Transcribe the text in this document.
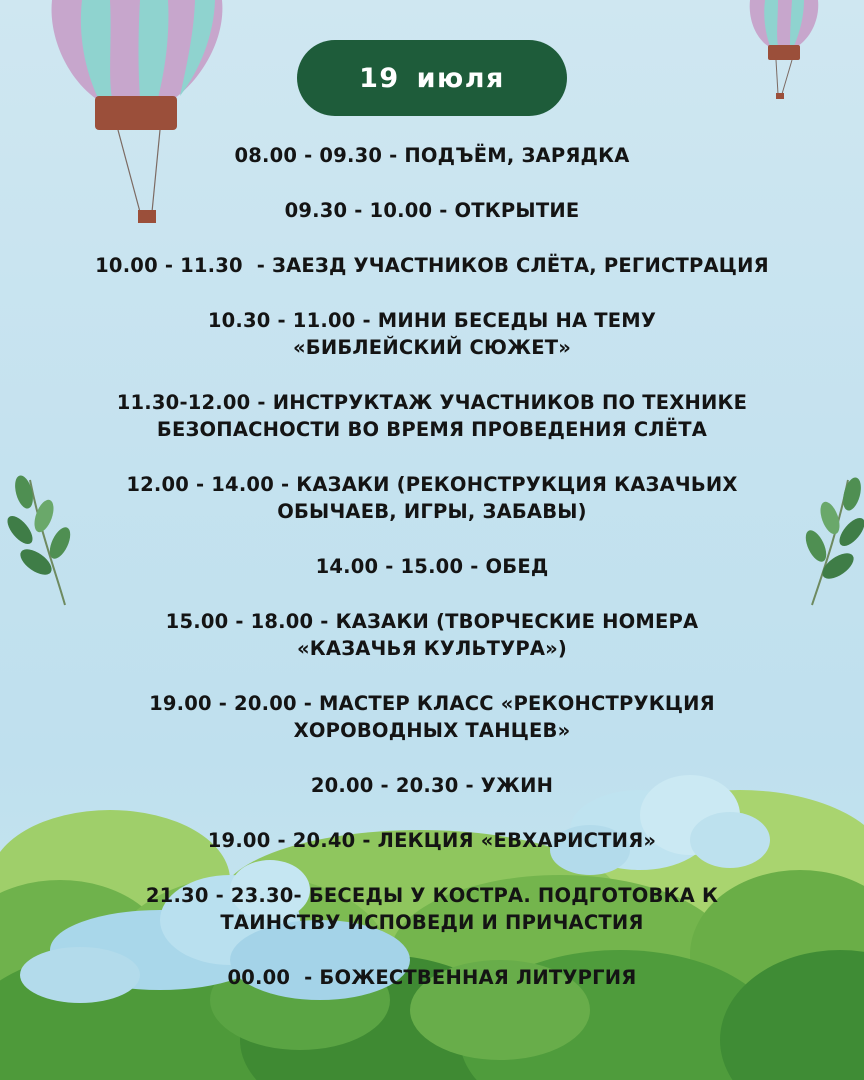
19 июля
08.00 - 09.30 - ПОДЪЁМ, ЗАРЯДКА
09.30 - 10.00 - ОТКРЫТИЕ
10.00 - 11.30  - ЗАЕЗД УЧАСТНИКОВ СЛЁТА, РЕГИСТРАЦИЯ
10.30 - 11.00 - МИНИ БЕСЕДЫ НА ТЕМУ
«БИБЛЕЙСКИЙ СЮЖЕТ»
11.30-12.00 - ИНСТРУКТАЖ УЧАСТНИКОВ ПО ТЕХНИКЕ
БЕЗОПАСНОСТИ ВО ВРЕМЯ ПРОВЕДЕНИЯ СЛЁТА
12.00 - 14.00 - КАЗАКИ (РЕКОНСТРУКЦИЯ КАЗАЧЬИХ
ОБЫЧАЕВ, ИГРЫ, ЗАБАВЫ)
14.00 - 15.00 - ОБЕД
15.00 - 18.00 - КАЗАКИ (ТВОРЧЕСКИЕ НОМЕРА
«КАЗАЧЬЯ КУЛЬТУРА»)
19.00 - 20.00 - МАСТЕР КЛАСС «РЕКОНСТРУКЦИЯ
ХОРОВОДНЫХ ТАНЦЕВ»
20.00 - 20.30 - УЖИН
19.00 - 20.40 - ЛЕКЦИЯ «ЕВХАРИСТИЯ»
21.30 - 23.30- БЕСЕДЫ У КОСТРА. ПОДГОТОВКА К
ТАИНСТВУ ИСПОВЕДИ И ПРИЧАСТИЯ
00.00  - БОЖЕСТВЕННАЯ ЛИТУРГИЯ
